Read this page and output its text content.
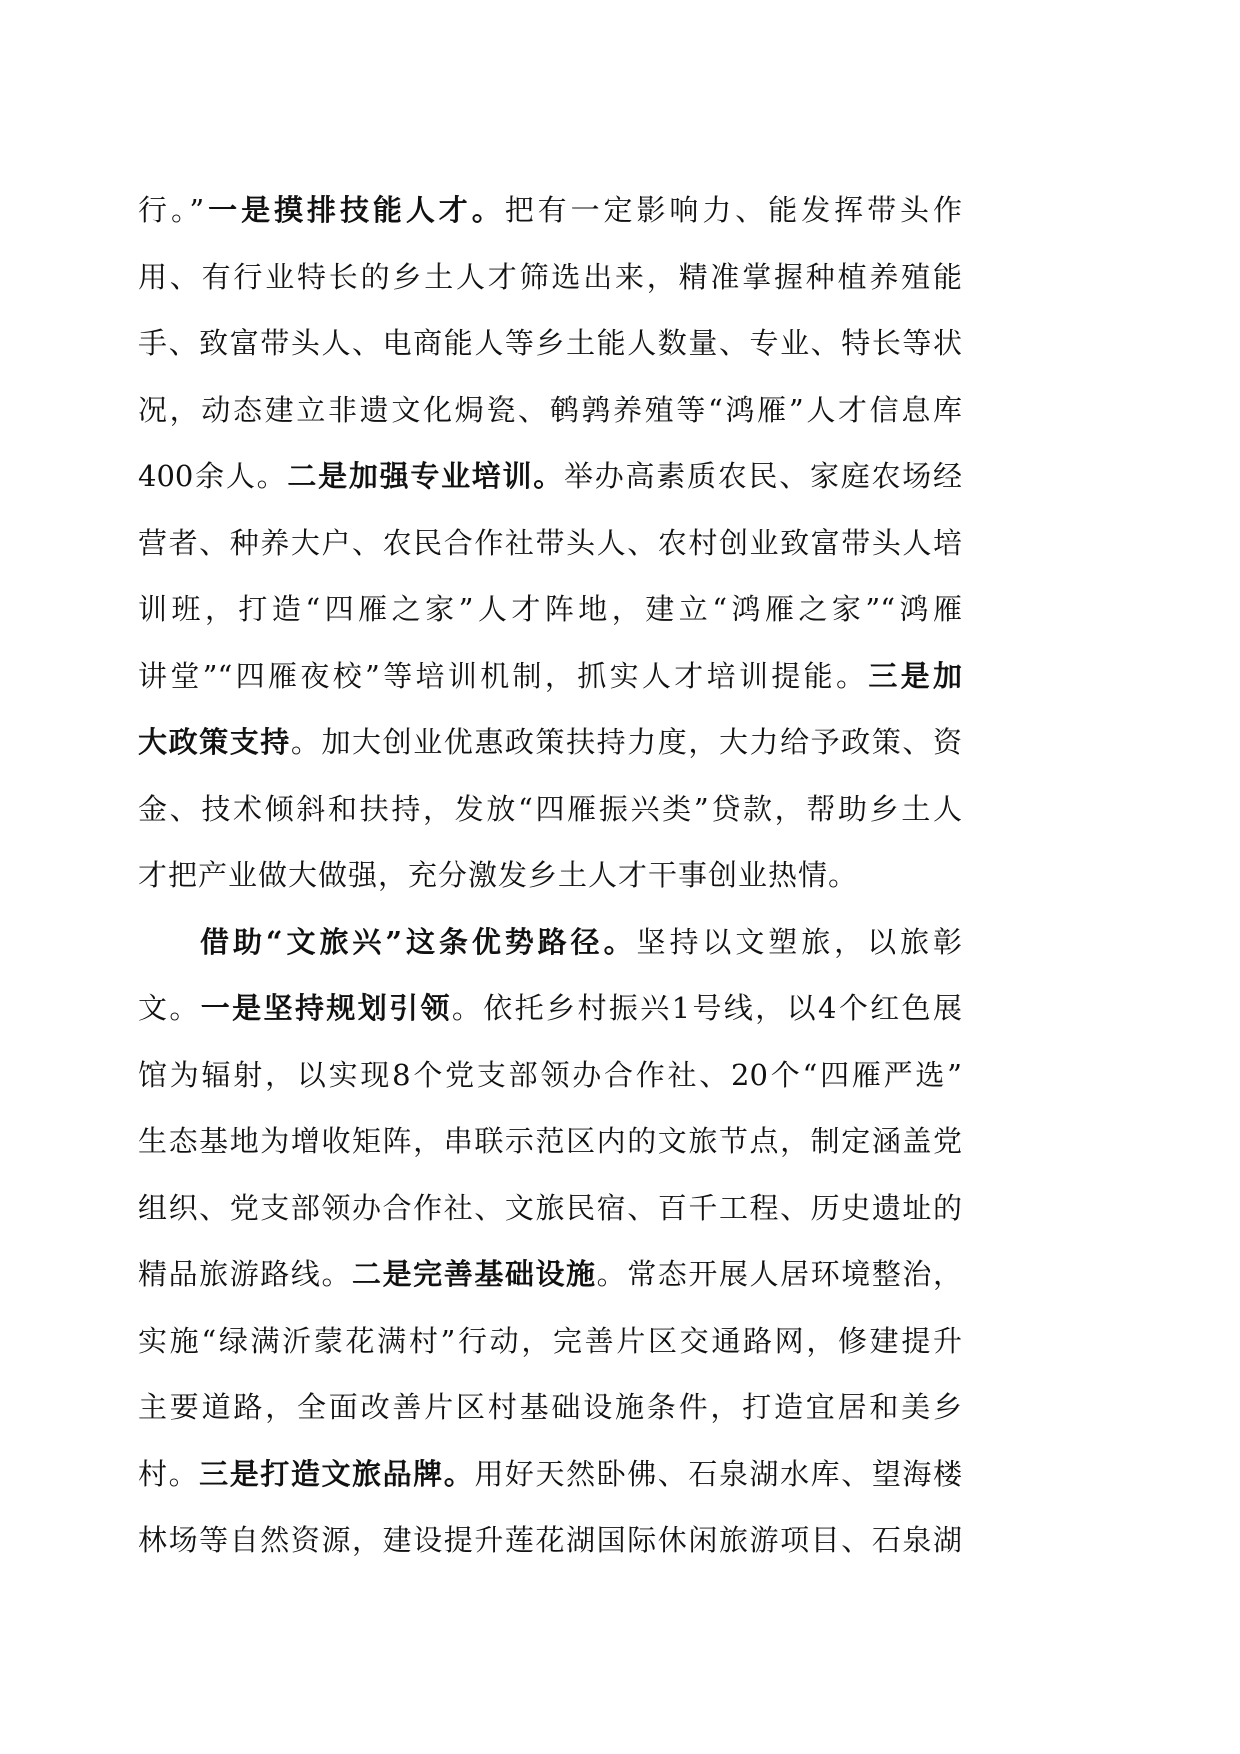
行。”一是摸排技能人才。把有一定影响力、能发挥带头作
用、有行业特长的乡土人才筛选出来，精准掌握种植养殖能
手、致富带头人、电商能人等乡土能人数量、专业、特长等状
况，动态建立非遗文化焗瓷、鹌鹑养殖等“鸿雁”人才信息库
400余人。二是加强专业培训。举办高素质农民、家庭农场经
营者、种养大户、农民合作社带头人、农村创业致富带头人培
训班，打造“四雁之家”人才阵地，建立“鸿雁之家”“鸿雁
讲堂”“四雁夜校”等培训机制，抓实人才培训提能。三是加
大政策支持。加大创业优惠政策扶持力度，大力给予政策、资
金、技术倾斜和扶持，发放“四雁振兴类”贷款，帮助乡土人
才把产业做大做强，充分激发乡土人才干事创业热情。
借助“文旅兴”这条优势路径。坚持以文塑旅，以旅彰
文。一是坚持规划引领。依托乡村振兴1号线，以4个红色展
馆为辐射，以实现8个党支部领办合作社、20个“四雁严选”
生态基地为增收矩阵，串联示范区内的文旅节点，制定涵盖党
组织、党支部领办合作社、文旅民宿、百千工程、历史遗址的
精品旅游路线。二是完善基础设施。常态开展人居环境整治，
实施“绿满沂蒙花满村”行动，完善片区交通路网，修建提升
主要道路，全面改善片区村基础设施条件，打造宜居和美乡
村。三是打造文旅品牌。用好天然卧佛、石泉湖水库、望海楼
林场等自然资源，建设提升莲花湖国际休闲旅游项目、石泉湖
